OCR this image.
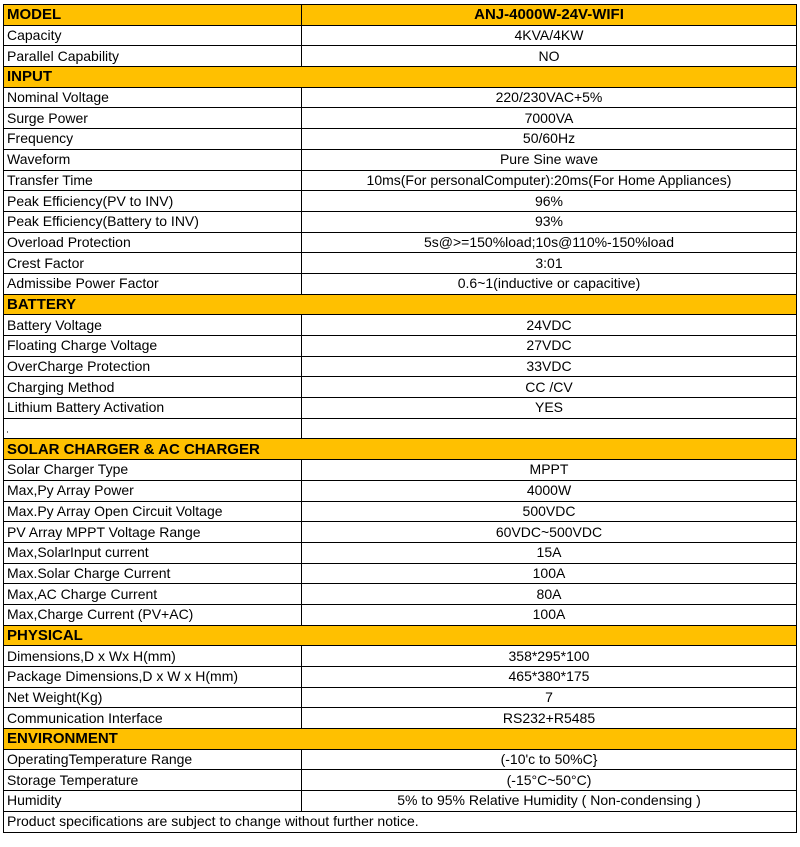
MODEL	ANJ-4000W-24V-WIFI
Capacity	4KVA/4KW
Parallel Capability	NO
INPUT	
Nominal Voltage	220/230VAC+5%
Surge Power	7000VA
Frequency	50/60Hz
Waveform	Pure Sine wave
Transfer Time	10ms(For personalComputer):20ms(For Home Appliances)
Peak Efficiency(PV to INV)	96%
Peak Efficiency(Battery to INV)	93%
Overload Protection	5s@>=150%load;10s@110%-150%load
Crest Factor	3:01
Admissibe Power Factor	0.6~1(inductive or capacitive)
BATTERY	
Battery Voltage	24VDC
Floating Charge Voltage	27VDC
OverCharge Protection	33VDC
Charging Method	CC /CV
Lithium Battery Activation	YES

SOLAR CHARGER & AC CHARGER	
Solar Charger Type	MPPT
Max,Py Array Power	4000W
Max.Py Array Open Circuit Voltage	500VDC
PV Array MPPT Voltage Range	60VDC~500VDC
Max,SolarInput current	15A
Max.Solar Charge Current	100A
Max,AC Charge Current	80A
Max,Charge Current (PV+AC)	100A
PHYSICAL	
Dimensions,D x Wx H(mm)	358*295*100
Package Dimensions,D x W x H(mm)	465*380*175
Net Weight(Kg)	7
Communication Interface	RS232+R5485
ENVIRONMENT	
OperatingTemperature Range	(-10'c to 50%C}
Storage Temperature	(-15°C~50°C)
Humidity	5% to 95% Relative Humidity ( Non-condensing )
Product specifications are subject to change without further notice.	
